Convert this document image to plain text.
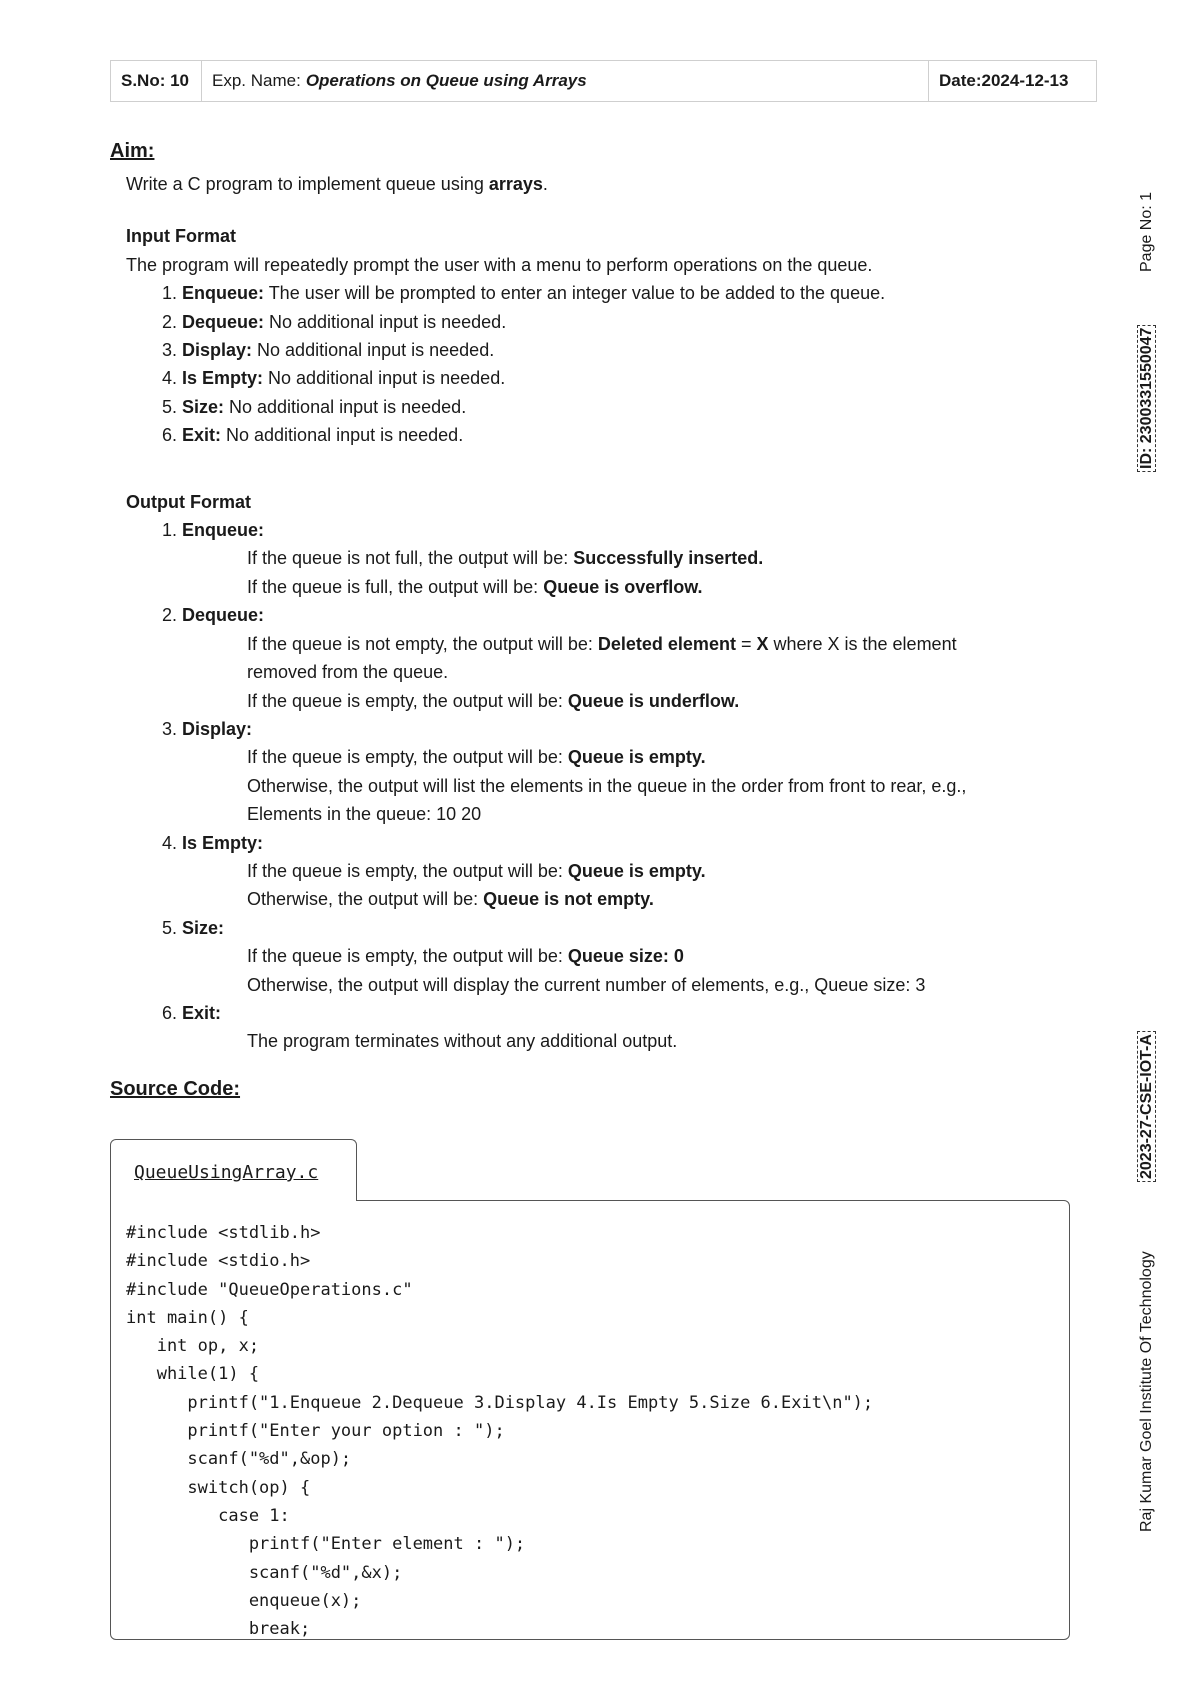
S.No: 10	Exp. Name: Operations on Queue using Arrays	Date:2024-12-13
Aim:
Write a C program to implement queue using arrays.
Input Format
The program will repeatedly prompt the user with a menu to perform operations on the queue.
1. Enqueue: The user will be prompted to enter an integer value to be added to the queue.
2. Dequeue: No additional input is needed.
3. Display: No additional input is needed.
4. Is Empty: No additional input is needed.
5. Size: No additional input is needed.
6. Exit: No additional input is needed.
Output Format
1. Enqueue:
If the queue is not full, the output will be: Successfully inserted.
If the queue is full, the output will be: Queue is overflow.
2. Dequeue:
If the queue is not empty, the output will be: Deleted element = X where X is the element
removed from the queue.
If the queue is empty, the output will be: Queue is underflow.
3. Display:
If the queue is empty, the output will be: Queue is empty.
Otherwise, the output will list the elements in the queue in the order from front to rear, e.g.,
Elements in the queue: 10 20
4. Is Empty:
If the queue is empty, the output will be: Queue is empty.
Otherwise, the output will be: Queue is not empty.
5. Size:
If the queue is empty, the output will be: Queue size: 0
Otherwise, the output will display the current number of elements, e.g., Queue size: 3
6. Exit:
The program terminates without any additional output.
Source Code:
QueueUsingArray.c
#include <stdlib.h>
#include <stdio.h>
#include "QueueOperations.c"
int main() {
int op, x;
while(1) {
printf("1.Enqueue 2.Dequeue 3.Display 4.Is Empty 5.Size 6.Exit\n");
printf("Enter your option : ");
scanf("%d",&op);
switch(op) {
case 1:
printf("Enter element : ");
scanf("%d",&x);
enqueue(x);
break;
Page No: 1
ID: 2300331550047
2023-27-CSE-IOT-A
Raj Kumar Goel Institute Of Technology
